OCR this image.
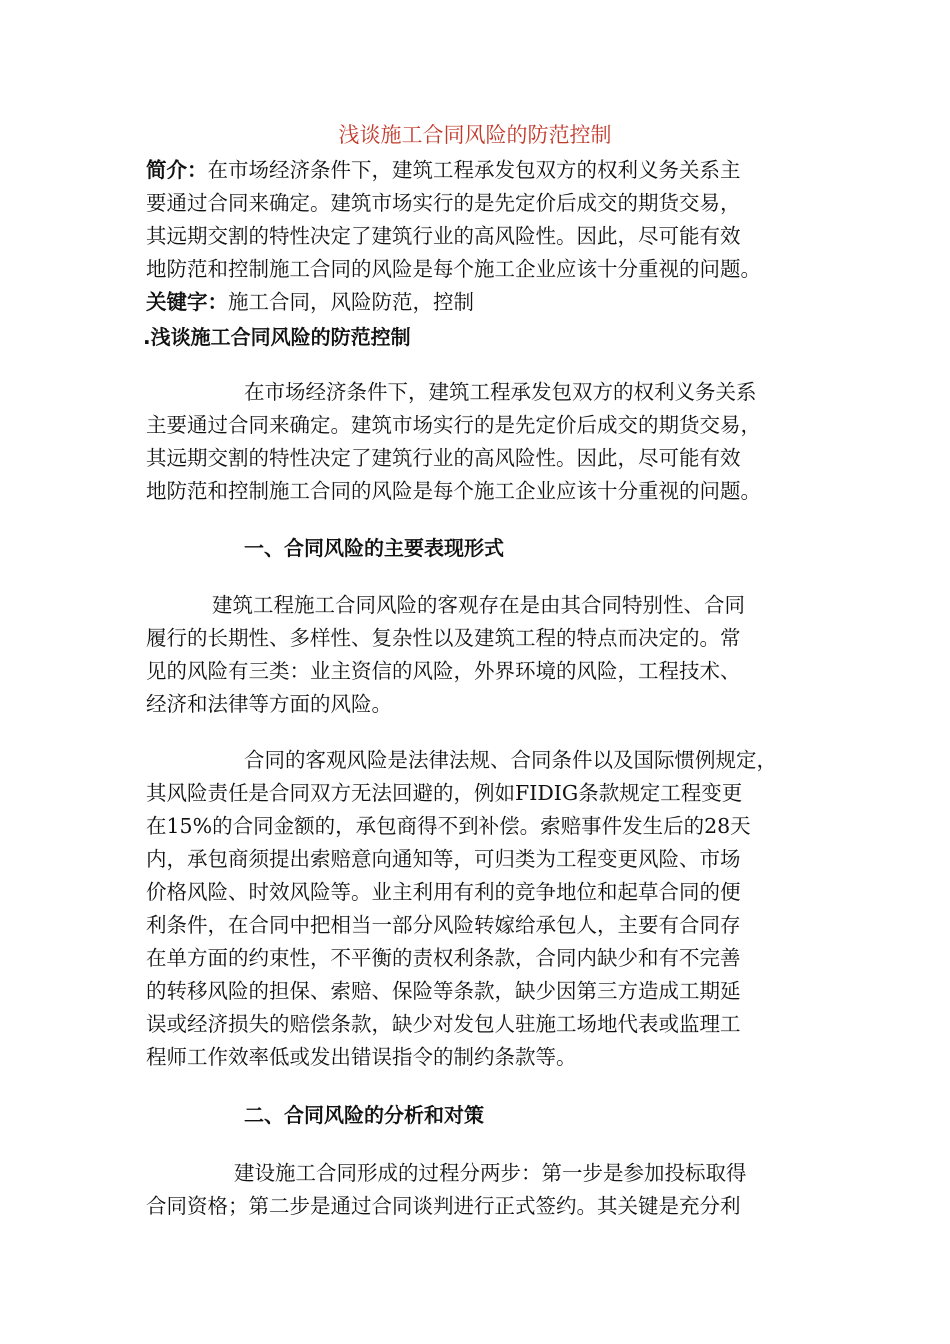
浅谈施工合同风险的防范控制
简介：在市场经济条件下，建筑工程承发包双方的权利义务关系主
要通过合同来确定。建筑市场实行的是先定价后成交的期货交易，
其远期交割的特性决定了建筑行业的高风险性。因此，尽可能有效
地防范和控制施工合同的风险是每个施工企业应该十分重视的问题。
关键字：施工合同，风险防范，控制
.浅谈施工合同风险的防范控制
在市场经济条件下，建筑工程承发包双方的权利义务关系
主要通过合同来确定。建筑市场实行的是先定价后成交的期货交易，
其远期交割的特性决定了建筑行业的高风险性。因此，尽可能有效
地防范和控制施工合同的风险是每个施工企业应该十分重视的问题。
一、合同风险的主要表现形式
建筑工程施工合同风险的客观存在是由其合同特别性、合同
履行的长期性、多样性、复杂性以及建筑工程的特点而决定的。常
见的风险有三类：业主资信的风险，外界环境的风险，工程技术、
经济和法律等方面的风险。
合同的客观风险是法律法规、合同条件以及国际惯例规定，
其风险责任是合同双方无法回避的，例如FIDIG条款规定工程变更
在15%的合同金额的，承包商得不到补偿。索赔事件发生后的28天
内，承包商须提出索赔意向通知等，可归类为工程变更风险、市场
价格风险、时效风险等。业主利用有利的竞争地位和起草合同的便
利条件，在合同中把相当一部分风险转嫁给承包人，主要有合同存
在单方面的约束性，不平衡的责权利条款，合同内缺少和有不完善
的转移风险的担保、索赔、保险等条款，缺少因第三方造成工期延
误或经济损失的赔偿条款，缺少对发包人驻施工场地代表或监理工
程师工作效率低或发出错误指令的制约条款等。
二、合同风险的分析和对策
建设施工合同形成的过程分两步：第一步是参加投标取得
合同资格；第二步是通过合同谈判进行正式签约。其关键是充分利
